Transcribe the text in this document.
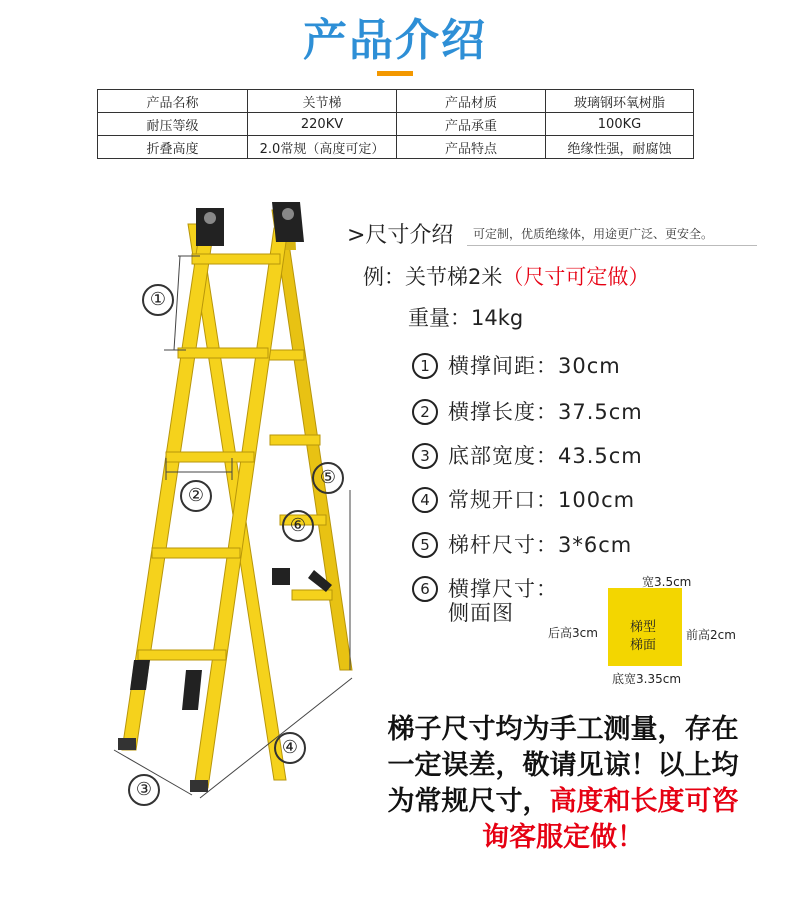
产品介绍
产品名称	关节梯	产品材质	玻璃钢环氧树脂
耐压等级	220KV	产品承重	100KG
折叠高度	2.0常规（高度可定）	产品特点	绝缘性强，耐腐蚀
①
②
③
④
⑤
⑥
>尺寸介绍 可定制，优质绝缘体，用途更广泛、更安全。
例：关节梯2米（尺寸可定做）
重量：14kg
1 横撑间距：30cm
2 横撑长度：37.5cm
3 底部宽度：43.5cm
4 常规开口：100cm
5 梯杆尺寸：3*6cm
6 横撑尺寸：
侧面图
宽3.5cm
后高3cm	前高2cm
底宽3.35cm
梯型
梯面
梯子尺寸均为手工测量，存在
一定误差，敬请见谅！以上均
为常规尺寸，高度和长度可咨
询客服定做！
